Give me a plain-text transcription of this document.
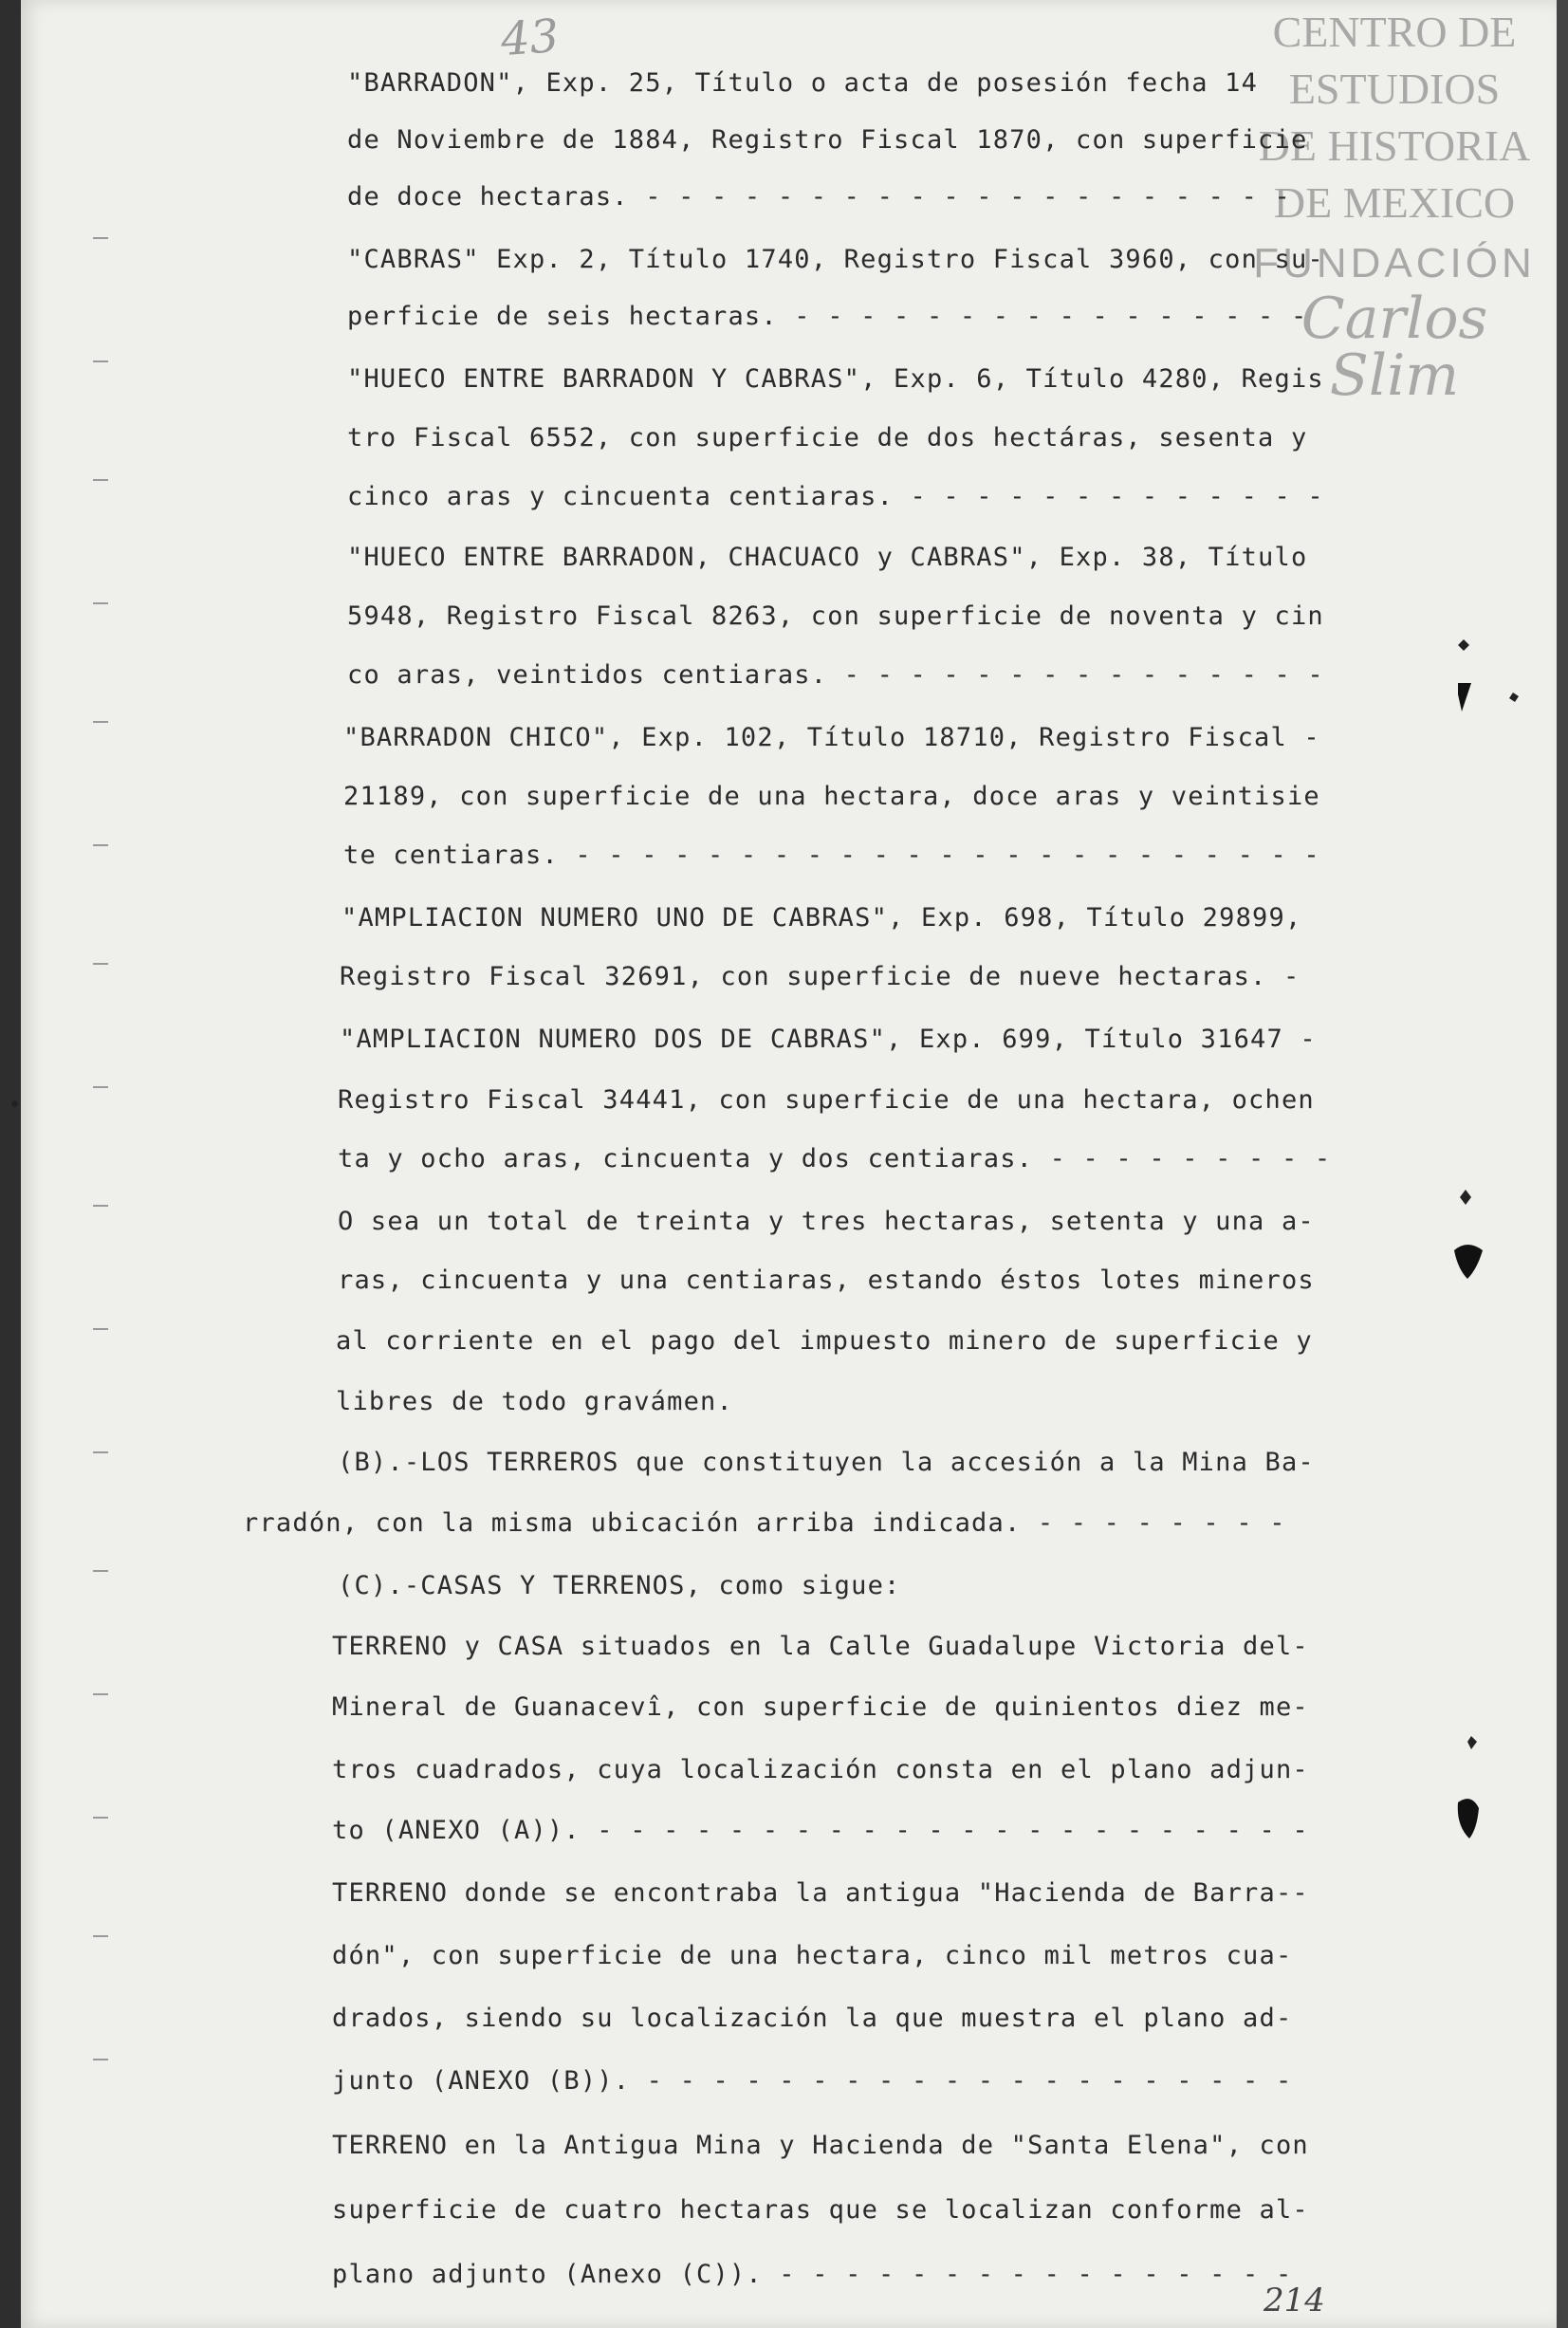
43	CENTRO DE
ESTUDIOS
DE HISTORIA
DE MEXICO
FUNDACIÓN
Carlos Slim
"BARRADON", Exp. 25, Título o acta de posesión fecha 14
de Noviembre de 1884, Registro Fiscal 1870, con superficie
de doce hectaras. - - - - - - - - - - - - - - - - - - - -
"CABRAS" Exp. 2, Título 1740, Registro Fiscal 3960, con su-
perficie de seis hectaras. - - - - - - - - - - - - - - - -
"HUECO ENTRE BARRADON Y CABRAS", Exp. 6, Título 4280, Regis
tro Fiscal 6552, con superficie de dos hectáras, sesenta y
cinco aras y cincuenta centiaras. - - - - - - - - - - - - -
"HUECO ENTRE BARRADON, CHACUACO y CABRAS", Exp. 38, Título
5948, Registro Fiscal 8263, con superficie de noventa y cin
co aras, veintidos centiaras. - - - - - - - - - - - - - - -
"BARRADON CHICO", Exp. 102, Título 18710, Registro Fiscal -
21189, con superficie de una hectara, doce aras y veintisie
te centiaras. - - - - - - - - - - - - - - - - - - - - - - -
"AMPLIACION NUMERO UNO DE CABRAS", Exp. 698, Título 29899,
Registro Fiscal 32691, con superficie de nueve hectaras. -
"AMPLIACION NUMERO DOS DE CABRAS", Exp. 699, Título 31647 -
Registro Fiscal 34441, con superficie de una hectara, ochen
ta y ocho aras, cincuenta y dos centiaras. - - - - - - - - -
O sea un total de treinta y tres hectaras, setenta y una a-
ras, cincuenta y una centiaras, estando éstos lotes mineros
al corriente en el pago del impuesto minero de superficie y
libres de todo gravámen.
(B).-LOS TERREROS que constituyen la accesión a la Mina Ba-
rradón, con la misma ubicación arriba indicada. - - - - - - - -
(C).-CASAS Y TERRENOS, como sigue:
TERRENO y CASA situados en la Calle Guadalupe Victoria del-
Mineral de Guanacevî, con superficie de quinientos diez me-
tros cuadrados, cuya localización consta en el plano adjun-
to (ANEXO (A)). - - - - - - - - - - - - - - - - - - - - - -
TERRENO donde se encontraba la antigua "Hacienda de Barra--
dón", con superficie de una hectara, cinco mil metros cua-
drados, siendo su localización la que muestra el plano ad-
junto (ANEXO (B)). - - - - - - - - - - - - - - - - - - - -
TERRENO en la Antigua Mina y Hacienda de "Santa Elena", con
superficie de cuatro hectaras que se localizan conforme al-
plano adjunto (Anexo (C)). - - - - - - - - - - - - - - - -
214
